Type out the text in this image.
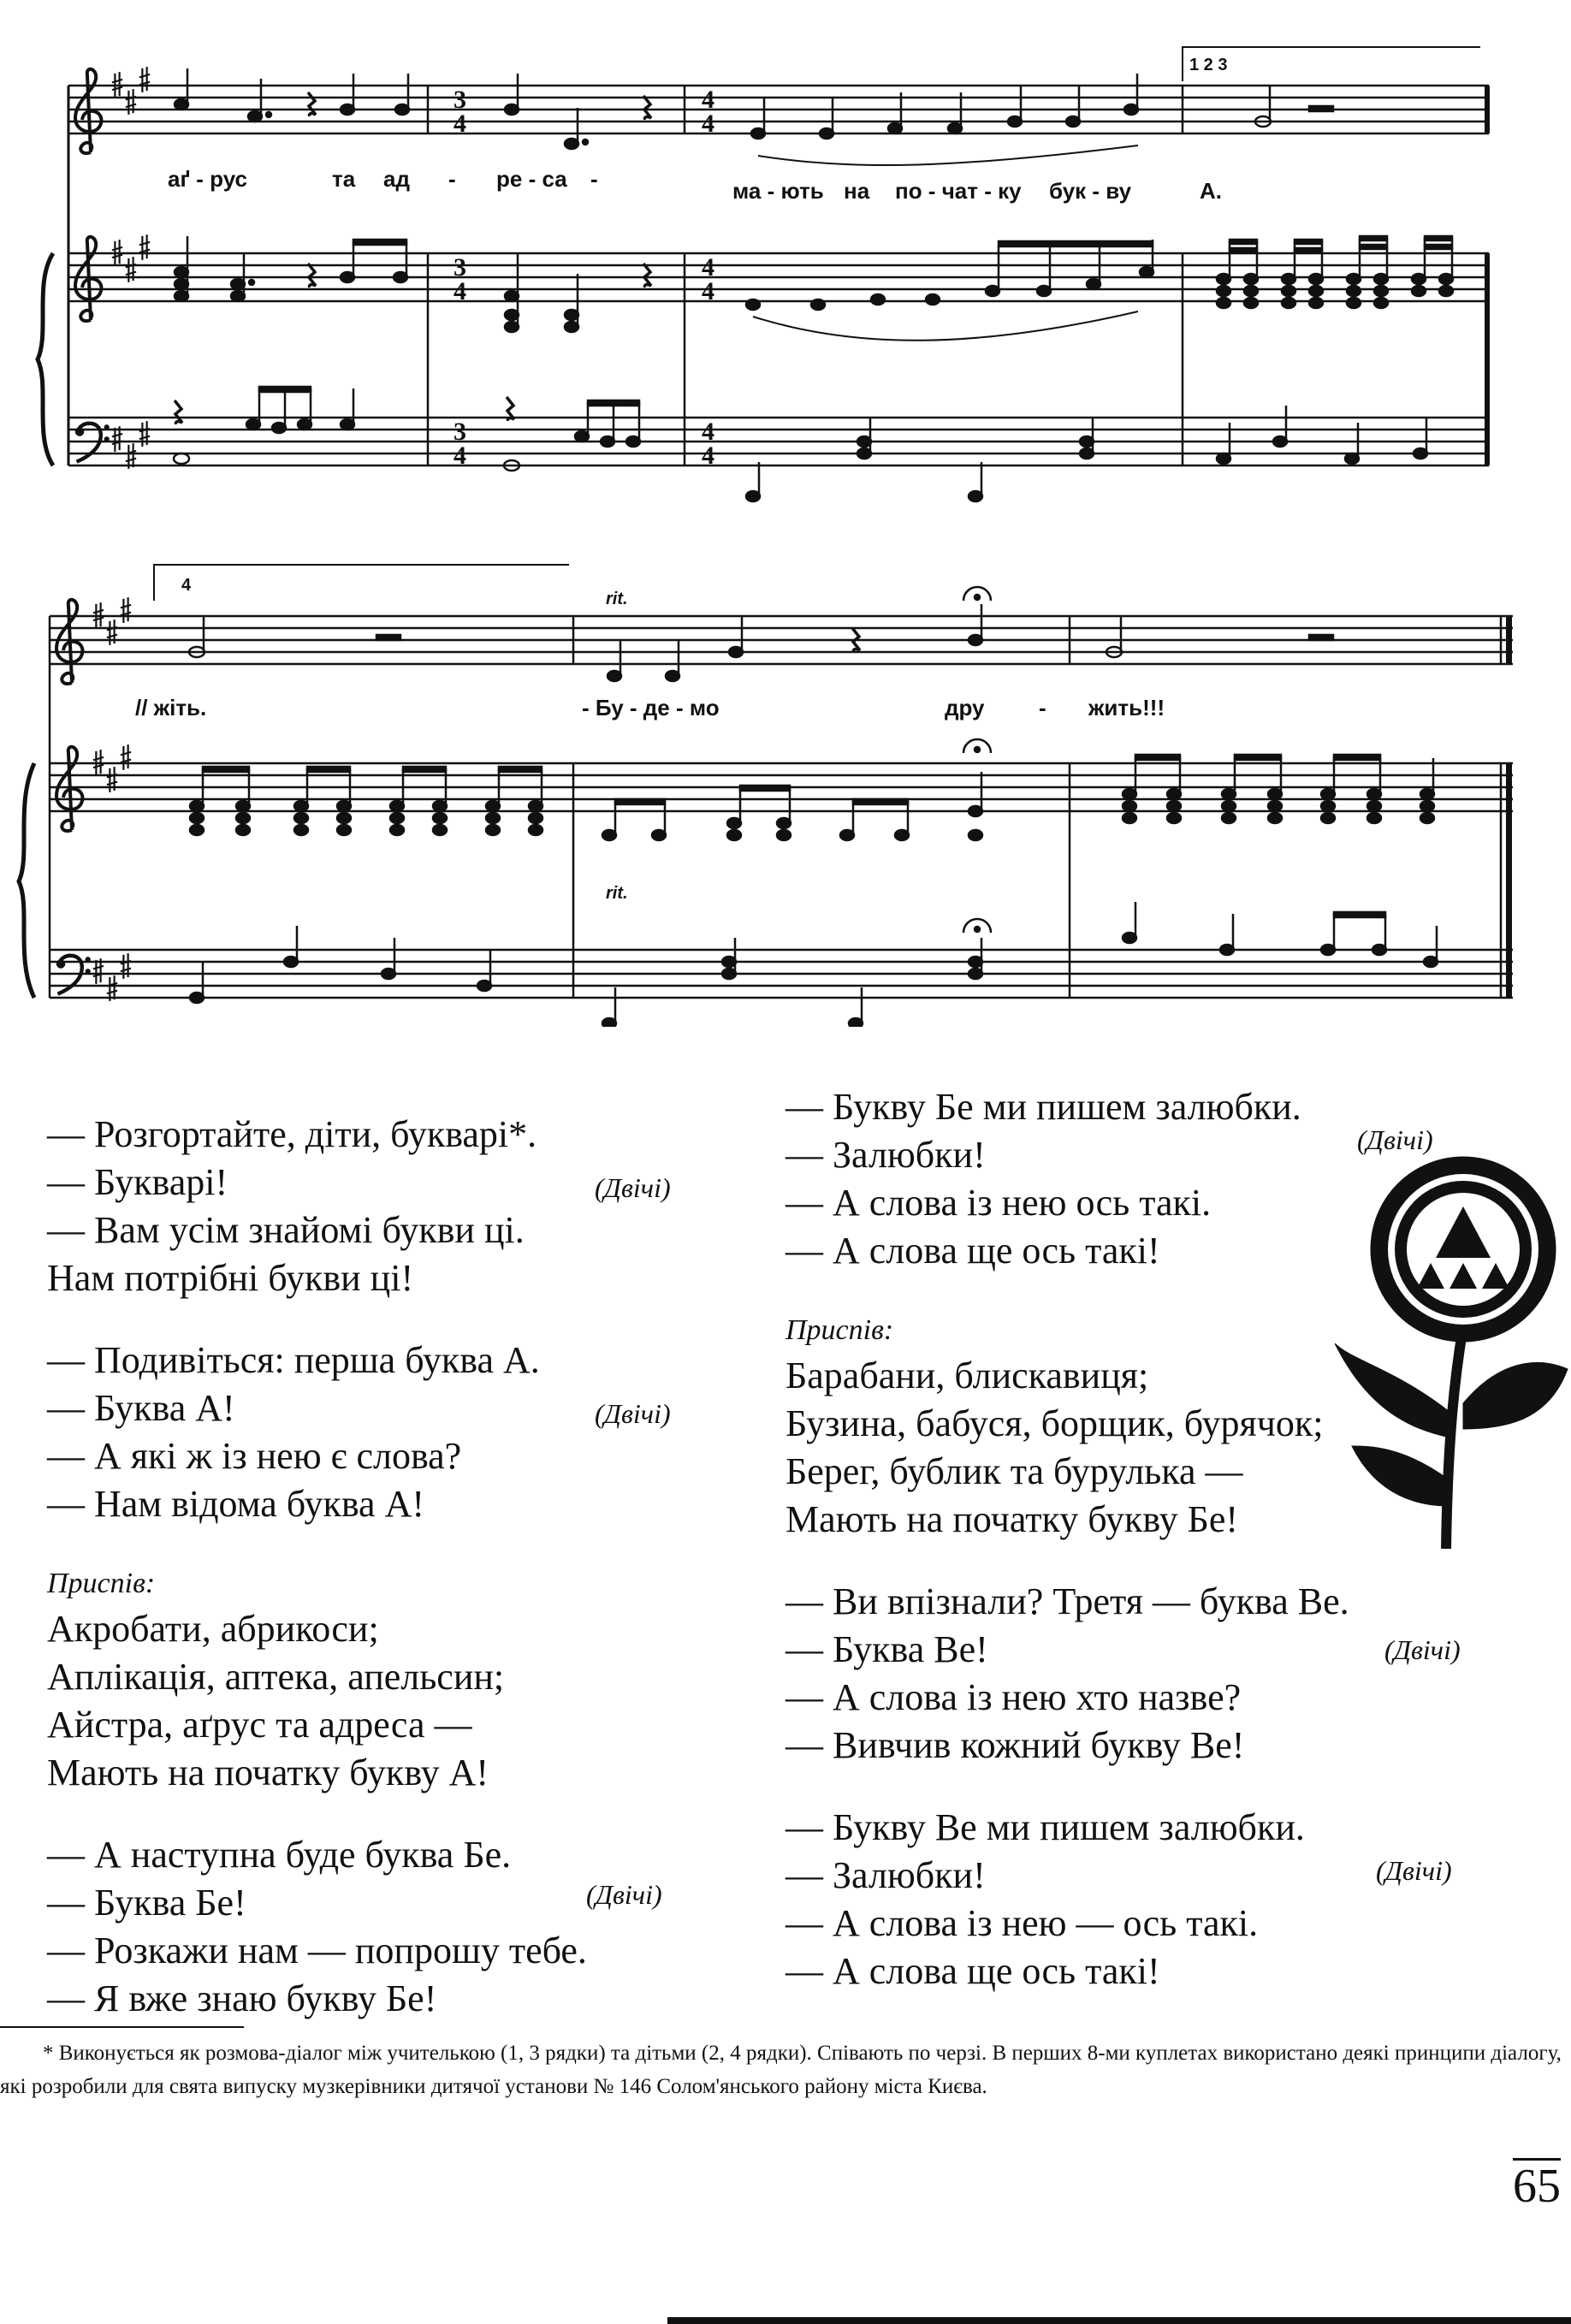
1 2 3
3
4
3
4
3
4
4
4
4
4
4
4
аґ - рус	та ад - ре - са -	ма - ють на по - чат - ку бук - ву	А.
4
rit.
rit.
// жіть.	- Бу - де - мо	дру - жить!!!
— Розгортайте, діти, букварі*.
— Букварі!	(Двічі)
— Вам усім знайомі букви ці.
Нам потрібні букви ці!
— Подивіться: перша буква А.
— Буква А!	(Двічі)
— А які ж із нею є слова?
— Нам відома буква А!
Приспів:
Акробати, абрикоси;
Аплікація, аптека, апельсин;
Айстра, аґрус та адреса —
Мають на початку букву А!
— А наступна буде буква Бе.
— Буква Бе!	(Двічі)
— Розкажи нам — попрошу тебе.
— Я вже знаю букву Бе!
— Букву Бе ми пишем залюбки.
— Залюбки!	(Двічі)
— А слова із нею ось такі.
— А слова ще ось такі!
Приспів:
Барабани, блискавиця;
Бузина, бабуся, борщик, бурячок;
Берег, бублик та бурулька —
Мають на початку букву Бе!
— Ви впізнали? Третя — буква Ве.
— Буква Ве!	(Двічі)
— А слова із нею хто назве?
— Вивчив кожний букву Ве!
— Букву Ве ми пишем залюбки.
— Залюбки!	(Двічі)
— А слова із нею — ось такі.
— А слова ще ось такі!
* Виконується як розмова-діалог між учителькою (1, 3 рядки) та дітьми (2, 4 рядки). Співають по черзі. В перших 8-ми куплетах використано деякі принципи діалогу, які розробили для свята випуску музкерівники дитячої установи № 146 Солом'янського району міста Києва.
65
